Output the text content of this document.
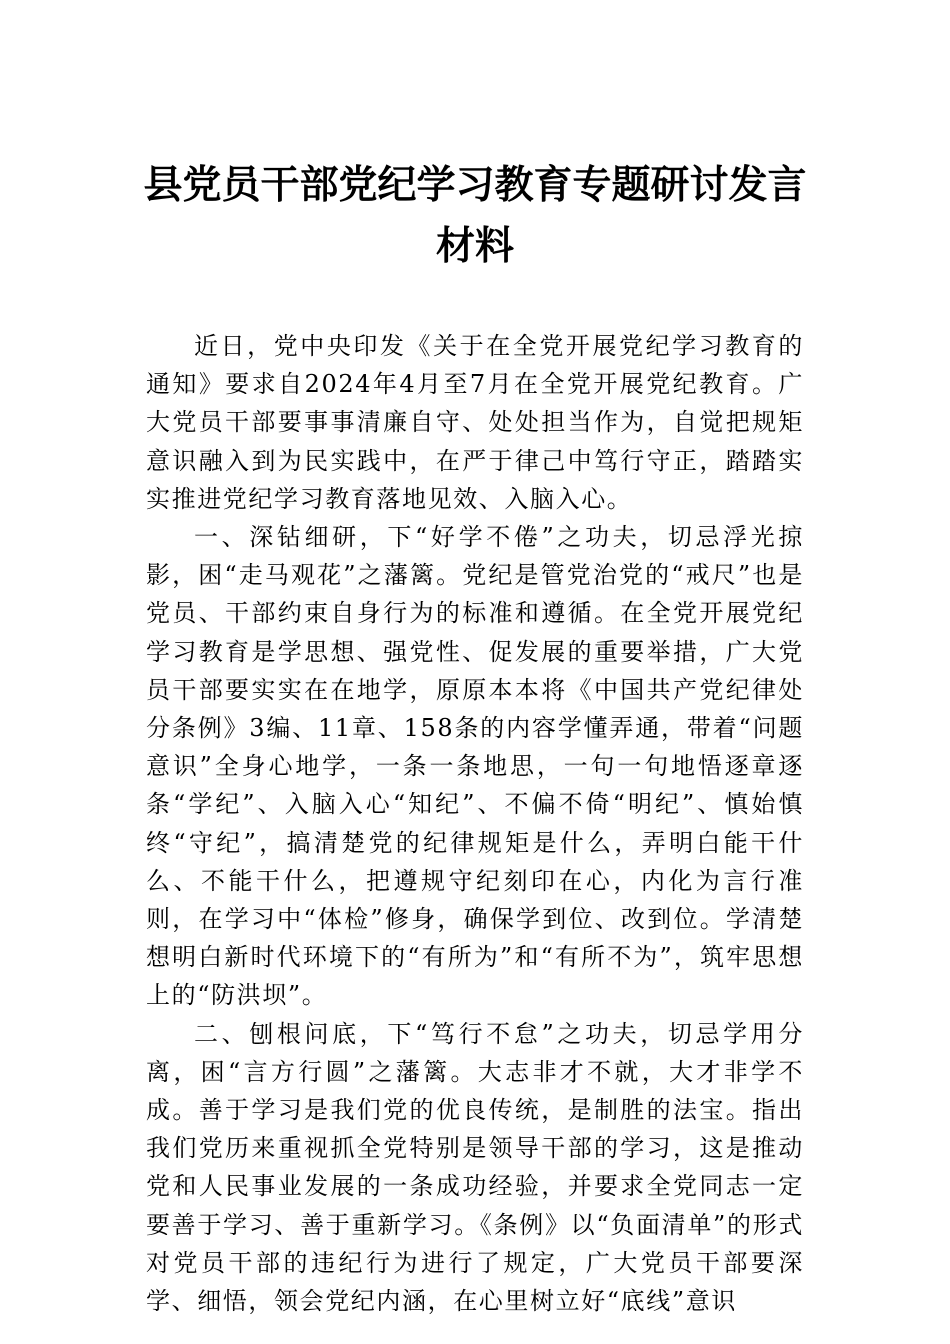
县党员干部党纪学习教育专题研讨发言材料

近日，党中央印发《关于在全党开展党纪学习教育的通知》要求自2024年4月至7月在全党开展党纪教育。广大党员干部要事事清廉自守、处处担当作为，自觉把规矩意识融入到为民实践中，在严于律己中笃行守正，踏踏实实推进党纪学习教育落地见效、入脑入心。

一、深钻细研，下“好学不倦”之功夫，切忌浮光掠影，困“走马观花”之藩篱。党纪是管党治党的“戒尺”也是党员、干部约束自身行为的标准和遵循。在全党开展党纪学习教育是学思想、强党性、促发展的重要举措，广大党员干部要实实在在地学，原原本本将《中国共产党纪律处分条例》3编、11章、158条的内容学懂弄通，带着“问题意识”全身心地学，一条一条地思，一句一句地悟逐章逐条“学纪”、入脑入心“知纪”、不偏不倚“明纪”、慎始慎终“守纪”，搞清楚党的纪律规矩是什么，弄明白能干什么、不能干什么，把遵规守纪刻印在心，内化为言行准则，在学习中“体检”修身，确保学到位、改到位。学清楚想明白新时代环境下的“有所为”和“有所不为”，筑牢思想上的“防洪坝”。

二、刨根问底，下“笃行不怠”之功夫，切忌学用分离，困“言方行圆”之藩篱。大志非才不就，大才非学不成。善于学习是我们党的优良传统，是制胜的法宝。指出我们党历来重视抓全党特别是领导干部的学习，这是推动党和人民事业发展的一条成功经验，并要求全党同志一定要善于学习、善于重新学习。《条例》以“负面清单”的形式对党员干部的违纪行为进行了规定，广大党员干部要深学、细悟，领会党纪内涵，在心里树立好“底线”意识
